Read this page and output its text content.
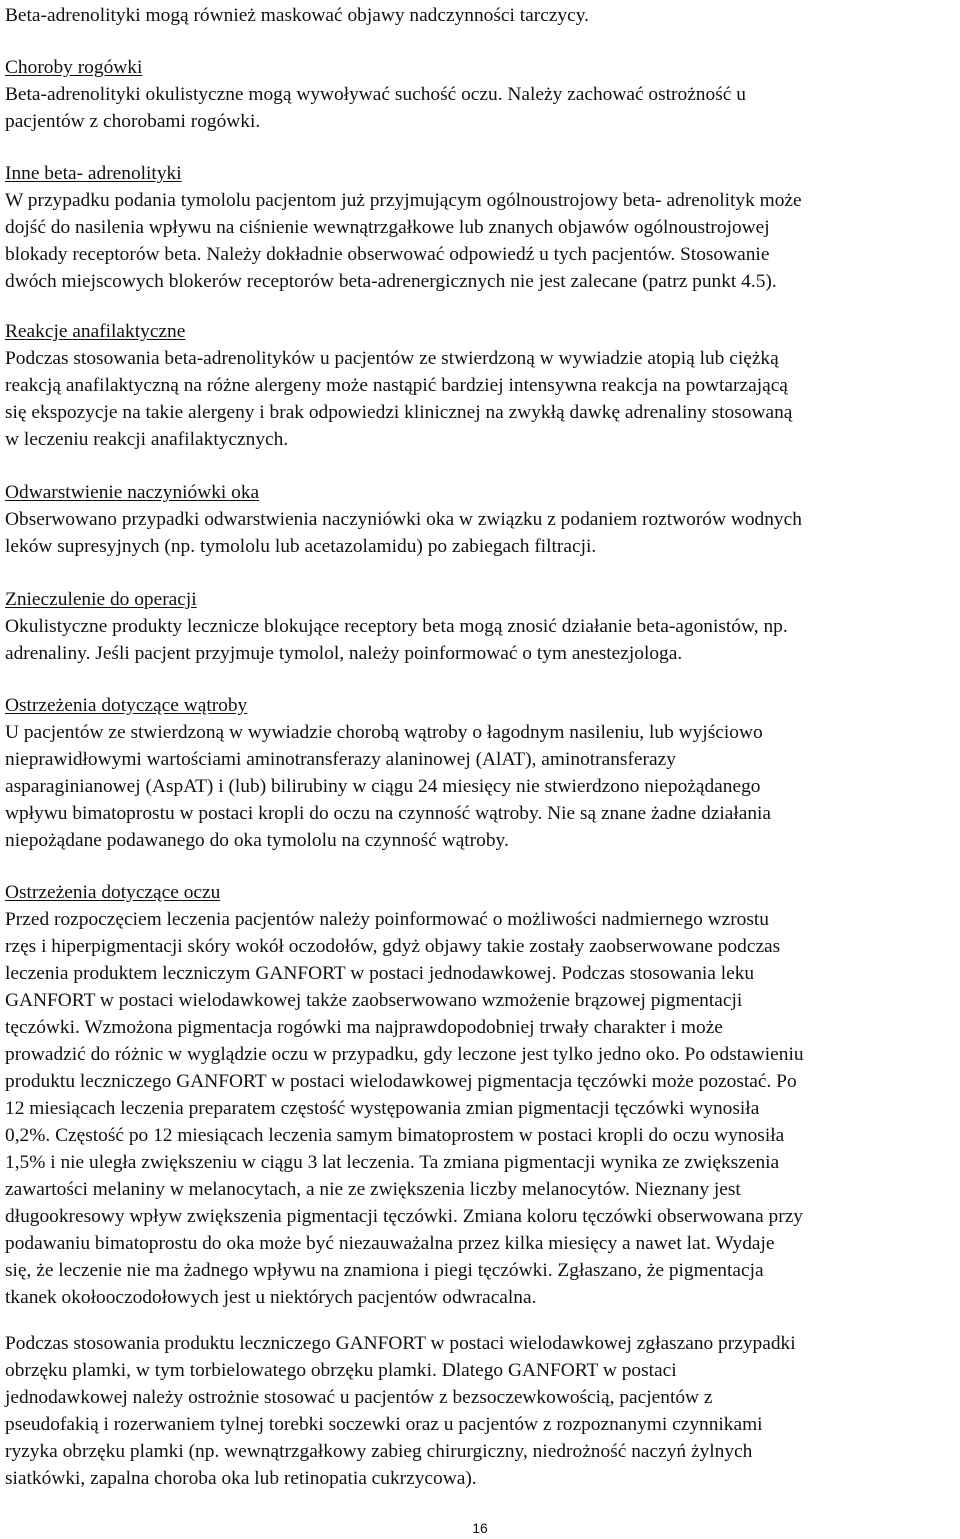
Beta-adrenolityki mogą również maskować objawy nadczynności tarczycy.
Choroby rogówki
Beta-adrenolityki okulistyczne mogą wywoływać suchość oczu. Należy zachować ostrożność u
pacjentów z chorobami rogówki.
Inne beta- adrenolityki
W przypadku podania tymololu pacjentom już przyjmującym ogólnoustrojowy beta- adrenolityk może
dojść do nasilenia wpływu na ciśnienie wewnątrzgałkowe lub znanych objawów ogólnoustrojowej
blokady receptorów beta. Należy dokładnie obserwować odpowiedź u tych pacjentów. Stosowanie
dwóch miejscowych blokerów receptorów beta-adrenergicznych nie jest zalecane (patrz punkt 4.5).
Reakcje anafilaktyczne
Podczas stosowania beta-adrenolityków u pacjentów ze stwierdzoną w wywiadzie atopią lub ciężką
reakcją anafilaktyczną na różne alergeny może nastąpić bardziej intensywna reakcja na powtarzającą
się ekspozycje na takie alergeny i brak odpowiedzi klinicznej na zwykłą dawkę adrenaliny stosowaną
w leczeniu reakcji anafilaktycznych.
Odwarstwienie naczyniówki oka
Obserwowano przypadki odwarstwienia naczyniówki oka w związku z podaniem roztworów wodnych
leków supresyjnych (np. tymololu lub acetazolamidu) po zabiegach filtracji.
Znieczulenie do operacji
Okulistyczne produkty lecznicze blokujące receptory beta mogą znosić działanie beta-agonistów, np.
adrenaliny. Jeśli pacjent przyjmuje tymolol, należy poinformować o tym anestezjologa.
Ostrzeżenia dotyczące wątroby
U pacjentów ze stwierdzoną w wywiadzie chorobą wątroby o łagodnym nasileniu, lub wyjściowo
nieprawidłowymi wartościami aminotransferazy alaninowej (AlAT), aminotransferazy
asparaginianowej (AspAT) i (lub) bilirubiny w ciągu 24 miesięcy nie stwierdzono niepożądanego
wpływu bimatoprostu w postaci kropli do oczu na czynność wątroby. Nie są znane żadne działania
niepożądane podawanego do oka tymololu na czynność wątroby.
Ostrzeżenia dotyczące oczu
Przed rozpoczęciem leczenia pacjentów należy poinformować o możliwości nadmiernego wzrostu
rzęs i hiperpigmentacji skóry wokół oczodołów, gdyż objawy takie zostały zaobserwowane podczas
leczenia produktem leczniczym GANFORT w postaci jednodawkowej. Podczas stosowania leku
GANFORT w postaci wielodawkowej także zaobserwowano wzmożenie brązowej pigmentacji
tęczówki. Wzmożona pigmentacja rogówki ma najprawdopodobniej trwały charakter i może
prowadzić do różnic w wyglądzie oczu w przypadku, gdy leczone jest tylko jedno oko. Po odstawieniu
produktu leczniczego GANFORT w postaci wielodawkowej pigmentacja tęczówki może pozostać. Po
12 miesiącach leczenia preparatem częstość występowania zmian pigmentacji tęczówki wynosiła
0,2%. Częstość po 12 miesiącach leczenia samym bimatoprostem w postaci kropli do oczu wynosiła
1,5% i nie uległa zwiększeniu w ciągu 3 lat leczenia. Ta zmiana pigmentacji wynika ze zwiększenia
zawartości melaniny w melanocytach, a nie ze zwiększenia liczby melanocytów. Nieznany jest
długookresowy wpływ zwiększenia pigmentacji tęczówki. Zmiana koloru tęczówki obserwowana przy
podawaniu bimatoprostu do oka może być niezauważalna przez kilka miesięcy a nawet lat. Wydaje
się, że leczenie nie ma żadnego wpływu na znamiona i piegi tęczówki. Zgłaszano, że pigmentacja
tkanek okołooczodołowych jest u niektórych pacjentów odwracalna.
Podczas stosowania produktu leczniczego GANFORT w postaci wielodawkowej zgłaszano przypadki
obrzęku plamki, w tym torbielowatego obrzęku plamki. Dlatego GANFORT w postaci
jednodawkowej należy ostrożnie stosować u pacjentów z bezsoczewkowością, pacjentów z
pseudofakią i rozerwaniem tylnej torebki soczewki oraz u pacjentów z rozpoznanymi czynnikami
ryzyka obrzęku plamki (np. wewnątrzgałkowy zabieg chirurgiczny, niedrożność naczyń żylnych
siatkówki, zapalna choroba oka lub retinopatia cukrzycowa).
16
